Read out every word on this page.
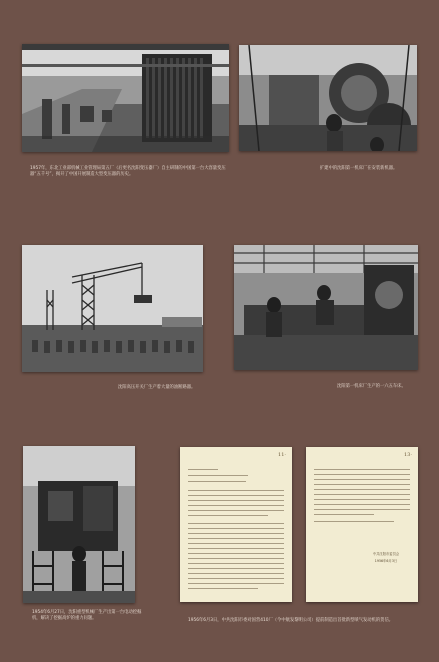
1957年，东北工业部机械工业管理局第五厂（后更名沈阳变压器厂）自主研制的中国第一台大容量变压器“五千号”，揭开了中国开展制造大型变压器的历史。
扩建中的沈阳第一机床厂在安装新机器。
沈阳高压开关厂生产着大量的油断路器。	沈阳第一机床厂生产的一六五车床。
1954年6月27日，沈阳重型机械厂生产出第一台电动挖掘机，解决了挖掘高炉的重力问题。
11·	13·
中共沈阳市委员会
1956年6月3日
1956年6月3日，中共沈阳市委对国营410厂（今中航发黎明公司）提前制造出首批新型喷气发动机的贺信。
